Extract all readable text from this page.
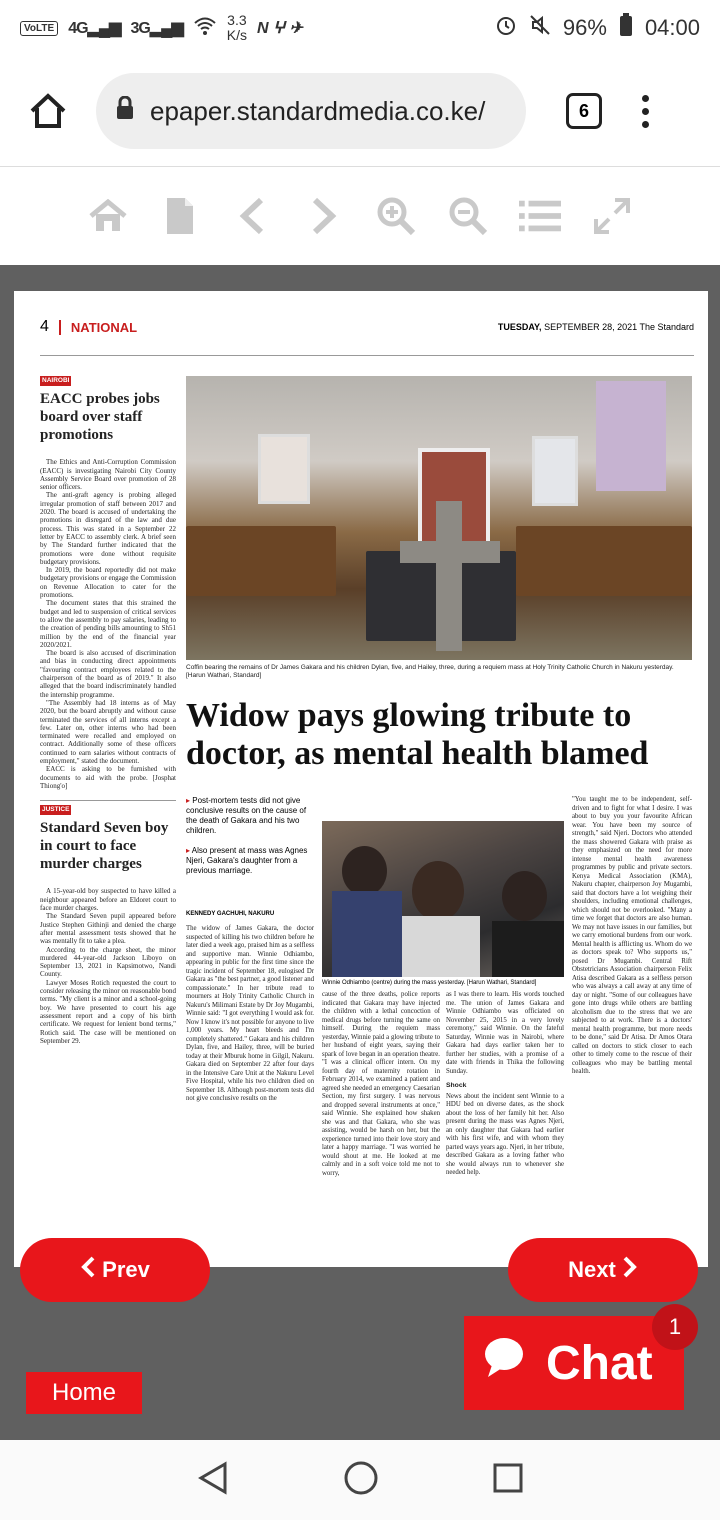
VoLTE 4G▂▄▆ 3G▂▄▆	3.3
K/s N ⵖ ✈	96% 04:00
epaper.standardmedia.co.ke/	6
4	NATIONAL	TUESDAY, SEPTEMBER 28, 2021 The Standard
NAIROBI
EACC probes jobs board over staff promotions

The Ethics and Anti-Corruption Commission (EACC) is investigating Nairobi City County Assembly Service Board over promotion of 28 senior officers.

The anti-graft agency is probing alleged irregular promotion of staff between 2017 and 2020. The board is accused of undertaking the promotions in disregard of the law and due process. This was stated in a September 22 letter by EACC to assembly clerk. A brief seen by The Standard further indicated that the promotions were done without requisite budgetary provisions.

In 2019, the board reportedly did not make budgetary provisions or engage the Commission on Revenue Allocation to cater for the promotions.

The document states that this strained the budget and led to suspension of critical services to allow the assembly to pay salaries, leading to the creation of pending bills amounting to Sh51 million by the end of the financial year 2020/2021.

The board is also accused of discrimination and bias in conducting direct appointments "favouring contract employees related to the chairperson of the board as of 2019." It also alleged that the board indiscriminately handled the internship programme.

"The Assembly had 18 interns as of May 2020, but the board abruptly and without cause terminated the services of all interns except a few. Later on, other interns who had been terminated were recalled and employed on contract. Additionally some of these officers continued to earn salaries without contracts of employment," stated the document.

EACC is asking to be furnished with documents to aid with the probe. [Josphat Thiong'o]

JUSTICE
Standard Seven boy in court to face murder charges

A 15-year-old boy suspected to have killed a neighbour appeared before an Eldoret court to face murder charges.

The Standard Seven pupil appeared before Justice Stephen Githinji and denied the charge after mental assessment tests showed that he was mentally fit to take a plea.

According to the charge sheet, the minor murdered 44-year-old Jackson Liboyo on September 13, 2021 in Kapsimotwo, Nandi County.

Lawyer Moses Rotich requested the court to consider releasing the minor on reasonable bond terms. "My client is a minor and a school-going boy. We have presented to court his age assessment report and a copy of his birth certificate. We request for lenient bond terms," Rotich said. The case will be mentioned on September 29.

Coffin bearing the remains of Dr James Gakara and his children Dylan, five, and Hailey, three, during a requiem mass at Holy Trinity Catholic Church in Nakuru yesterday. [Harun Wathari, Standard]
Widow pays glowing tribute to doctor, as mental health blamed

▸ Post-mortem tests did not give conclusive results on the cause of the death of Gakara and his two children.

▸ Also present at mass was Agnes Njeri, Gakara's daughter from a previous marriage.

KENNEDY GACHUHI, NAKURU
Winnie Odhiambo (centre) during the mass yesterday. [Harun Wathari, Standard]
The widow of James Gakara, the doctor suspected of killing his two children before he later died a week ago, praised him as a selfless and supportive man. Winnie Odhiambo, appearing in public for the first time since the tragic incident of September 18, eulogised Dr Gakara as "the best partner, a good listener and compassionate." In her tribute read to mourners at Holy Trinity Catholic Church in Nakuru's Milimani Estate by Dr Joy Mugambi, Winnie said: "I got everything I would ask for. Now I know it's not possible for anyone to live 1,000 years. My heart bleeds and I'm completely shattered." Gakara and his children Dylan, five, and Hailey, three, will be buried today at their Mburuk home in Gilgil, Nakuru. Gakara died on September 22 after four days in the Intensive Care Unit at the Nakuru Level Five Hospital, while his two children died on September 18. Although post-mortem tests did not give conclusive results on the
cause of the three deaths, police reports indicated that Gakara may have injected the children with a lethal concoction of medical drugs before turning the same on himself. During the requiem mass yesterday, Winnie paid a glowing tribute to her husband of eight years, saying their spark of love began in an operation theatre. "I was a clinical officer intern. On my fourth day of maternity rotation in February 2014, we examined a patient and agreed she needed an emergency Caesarian Section, my first surgery. I was nervous and dropped several instruments at once," said Winnie. She explained how shaken she was and that Gakara, who she was assisting, would be harsh on her, but the experience turned into their love story and later a happy marriage. "I was worried he would shout at me. He looked at me calmly and in a soft voice told me not to worry,
as I was there to learn. His words touched me. The union of James Gakara and Winnie Odhiambo was officiated on November 25, 2015 in a very lovely ceremony," said Winnie. On the fateful Saturday, Winnie was in Nairobi, where Gakara had days earlier taken her to further her studies, with a promise of a date with friends in Thika the following Sunday.
Shock
News about the incident sent Winnie to a HDU bed on diverse dates, as the shock about the loss of her family hit her. Also present during the mass was Agnes Njeri, an only daughter that Gakara had earlier with his first wife, and with whom they parted ways years ago. Njeri, in her tribute, described Gakara as a loving father who she would always run to whenever she needed help.
"You taught me to be independent, self-driven and to fight for what I desire. I was about to buy you your favourite African wear. You have been my source of strength," said Njeri. Doctors who attended the mass showered Gakara with praise as they emphasized on the need for more intense mental health awareness programmes by public and private sectors. Kenya Medical Association (KMA), Nakuru chapter, chairperson Joy Mugambi, said that doctors have a lot weighing their shoulders, including emotional challenges, which should not be overlooked. "Many a time we forget that doctors are also human. We may not have issues in our families, but we carry emotional burdens from our work. Mental health is afflicting us. Whom do we as doctors speak to? Who supports us," posed Dr Mugambi. Central Rift Obstetricians Association chairperson Felix Atisa described Gakara as a selfless person who was always a call away at any time of day or night. "Some of our colleagues have gone into drugs while others are battling alcoholism due to the stress that we are subjected to at work. There is a doctors' mental health programme, but more needs to be done," said Dr Atisa. Dr Amos Otara called on doctors to stick closer to each other to timely come to the rescue of their colleagues who may be battling mental health.
Prev	Next
Chat
1
Home
